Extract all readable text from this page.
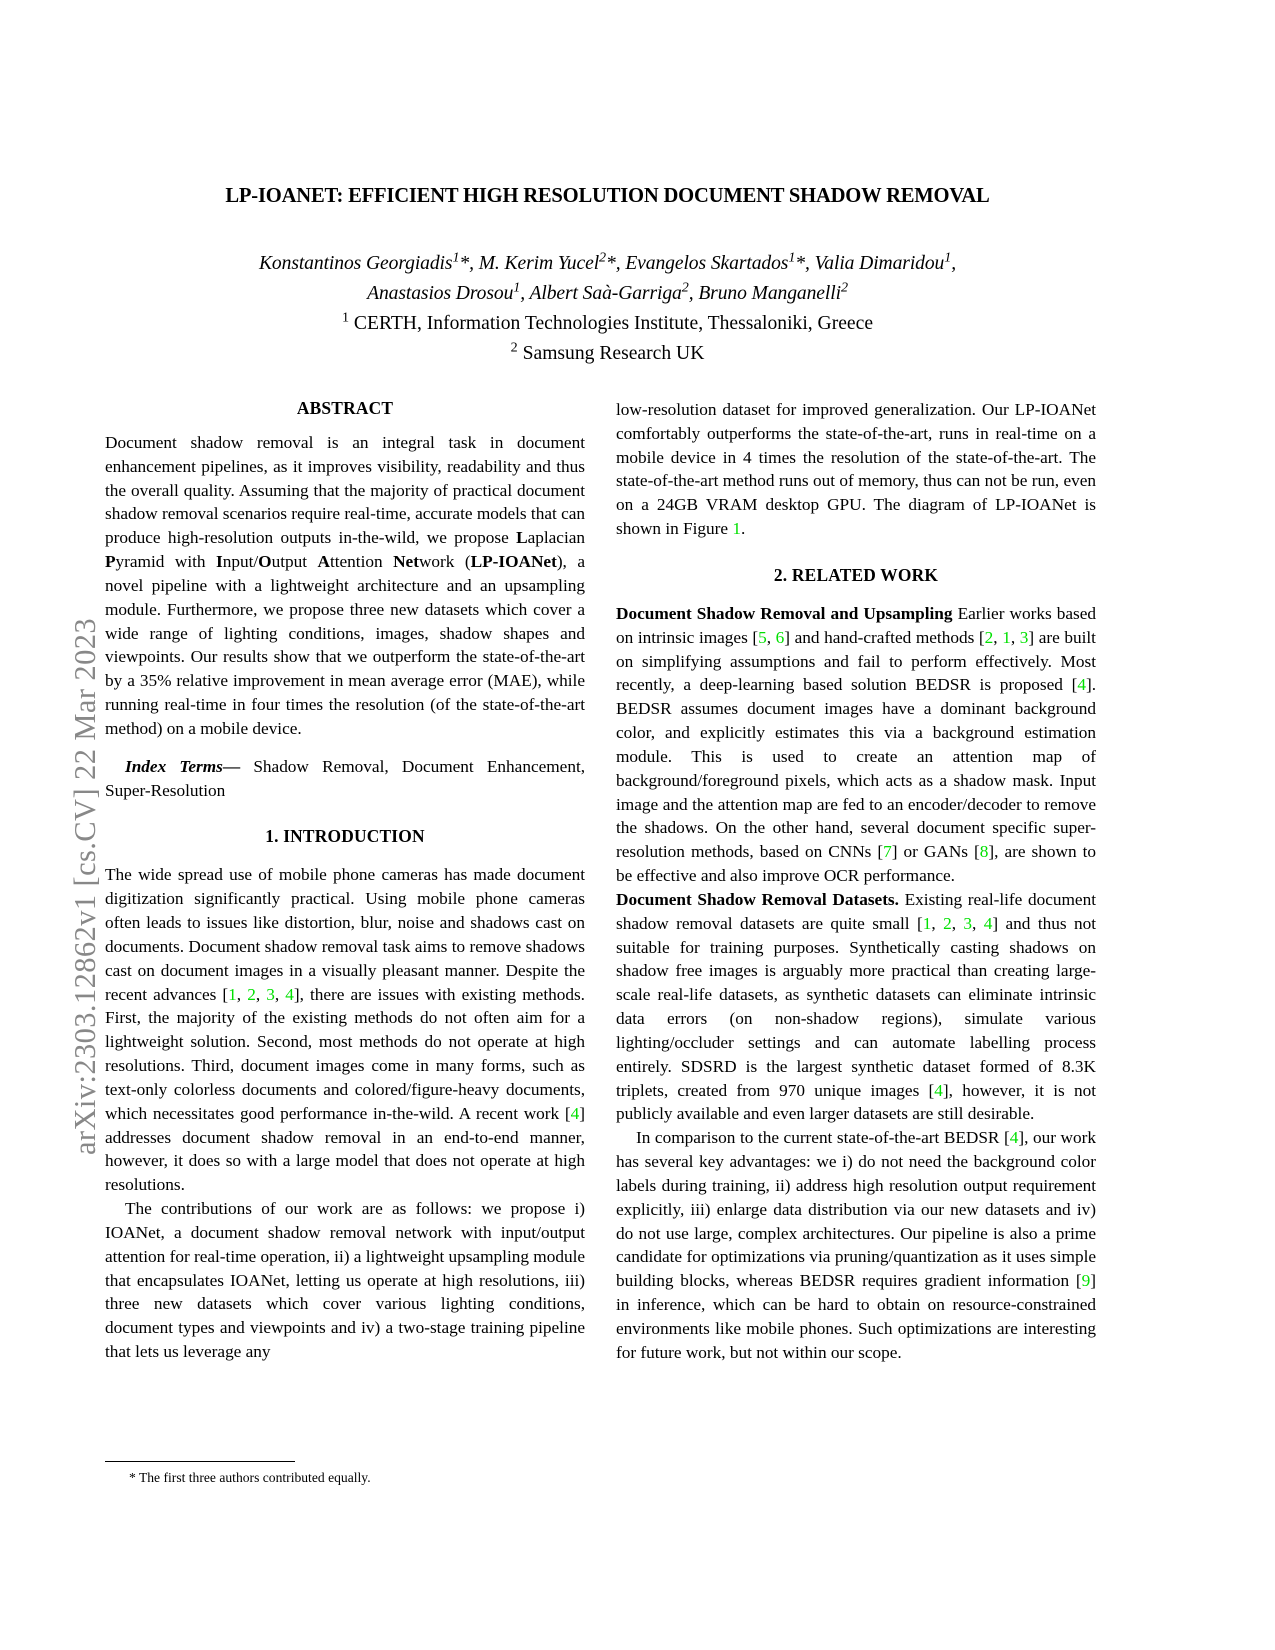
arXiv:2303.12862v1 [cs.CV] 22 Mar 2023
LP-IOANET: EFFICIENT HIGH RESOLUTION DOCUMENT SHADOW REMOVAL
Konstantinos Georgiadis$^1$*, M. Kerim Yucel$^2$*, Evangelos Skartados$^1$*, Valia Dimaridou$^1$,
Anastasios Drosou$^1$, Albert Saà-Garriga$^2$, Bruno Manganelli$^2$
$^1$ CERTH, Information Technologies Institute, Thessaloniki, Greece
$^2$ Samsung Research UK
ABSTRACT

Document shadow removal is an integral task in document enhancement pipelines, as it improves visibility, readability and thus the overall quality. Assuming that the majority of practical document shadow removal scenarios require real-time, accurate models that can produce high-resolution outputs in-the-wild, we propose Laplacian Pyramid with Input/Output Attention Network (LP-IOANet), a novel pipeline with a lightweight architecture and an upsampling module. Furthermore, we propose three new datasets which cover a wide range of lighting conditions, images, shadow shapes and viewpoints. Our results show that we outperform the state-of-the-art by a 35% relative improvement in mean average error (MAE), while running real-time in four times the resolution (of the state-of-the-art method) on a mobile device.

Index Terms— Shadow Removal, Document Enhancement, Super-Resolution

1. INTRODUCTION

The wide spread use of mobile phone cameras has made document digitization significantly practical. Using mobile phone cameras often leads to issues like distortion, blur, noise and shadows cast on documents. Document shadow removal task aims to remove shadows cast on document images in a visually pleasant manner. Despite the recent advances [1, 2, 3, 4], there are issues with existing methods. First, the majority of the existing methods do not often aim for a lightweight solution. Second, most methods do not operate at high resolutions. Third, document images come in many forms, such as text-only colorless documents and colored/figure-heavy documents, which necessitates good performance in-the-wild. A recent work [4] addresses document shadow removal in an end-to-end manner, however, it does so with a large model that does not operate at high resolutions.

The contributions of our work are as follows: we propose i) IOANet, a document shadow removal network with input/output attention for real-time operation, ii) a lightweight upsampling module that encapsulates IOANet, letting us operate at high resolutions, iii) three new datasets which cover various lighting conditions, document types and viewpoints and iv) a two-stage training pipeline that lets us leverage any

low-resolution dataset for improved generalization. Our LP-IOANet comfortably outperforms the state-of-the-art, runs in real-time on a mobile device in 4 times the resolution of the state-of-the-art. The state-of-the-art method runs out of memory, thus can not be run, even on a 24GB VRAM desktop GPU. The diagram of LP-IOANet is shown in Figure 1.

2. RELATED WORK

Document Shadow Removal and Upsampling Earlier works based on intrinsic images [5, 6] and hand-crafted methods [2, 1, 3] are built on simplifying assumptions and fail to perform effectively. Most recently, a deep-learning based solution BEDSR is proposed [4]. BEDSR assumes document images have a dominant background color, and explicitly estimates this via a background estimation module. This is used to create an attention map of background/foreground pixels, which acts as a shadow mask. Input image and the attention map are fed to an encoder/decoder to remove the shadows. On the other hand, several document specific super-resolution methods, based on CNNs [7] or GANs [8], are shown to be effective and also improve OCR performance.

Document Shadow Removal Datasets. Existing real-life document shadow removal datasets are quite small [1, 2, 3, 4] and thus not suitable for training purposes. Synthetically casting shadows on shadow free images is arguably more practical than creating large-scale real-life datasets, as synthetic datasets can eliminate intrinsic data errors (on non-shadow regions), simulate various lighting/occluder settings and can automate labelling process entirely. SDSRD is the largest synthetic dataset formed of 8.3K triplets, created from 970 unique images [4], however, it is not publicly available and even larger datasets are still desirable.

In comparison to the current state-of-the-art BEDSR [4], our work has several key advantages: we i) do not need the background color labels during training, ii) address high resolution output requirement explicitly, iii) enlarge data distribution via our new datasets and iv) do not use large, complex architectures. Our pipeline is also a prime candidate for optimizations via pruning/quantization as it uses simple building blocks, whereas BEDSR requires gradient information [9] in inference, which can be hard to obtain on resource-constrained environments like mobile phones. Such optimizations are interesting for future work, but not within our scope.

* The first three authors contributed equally.
